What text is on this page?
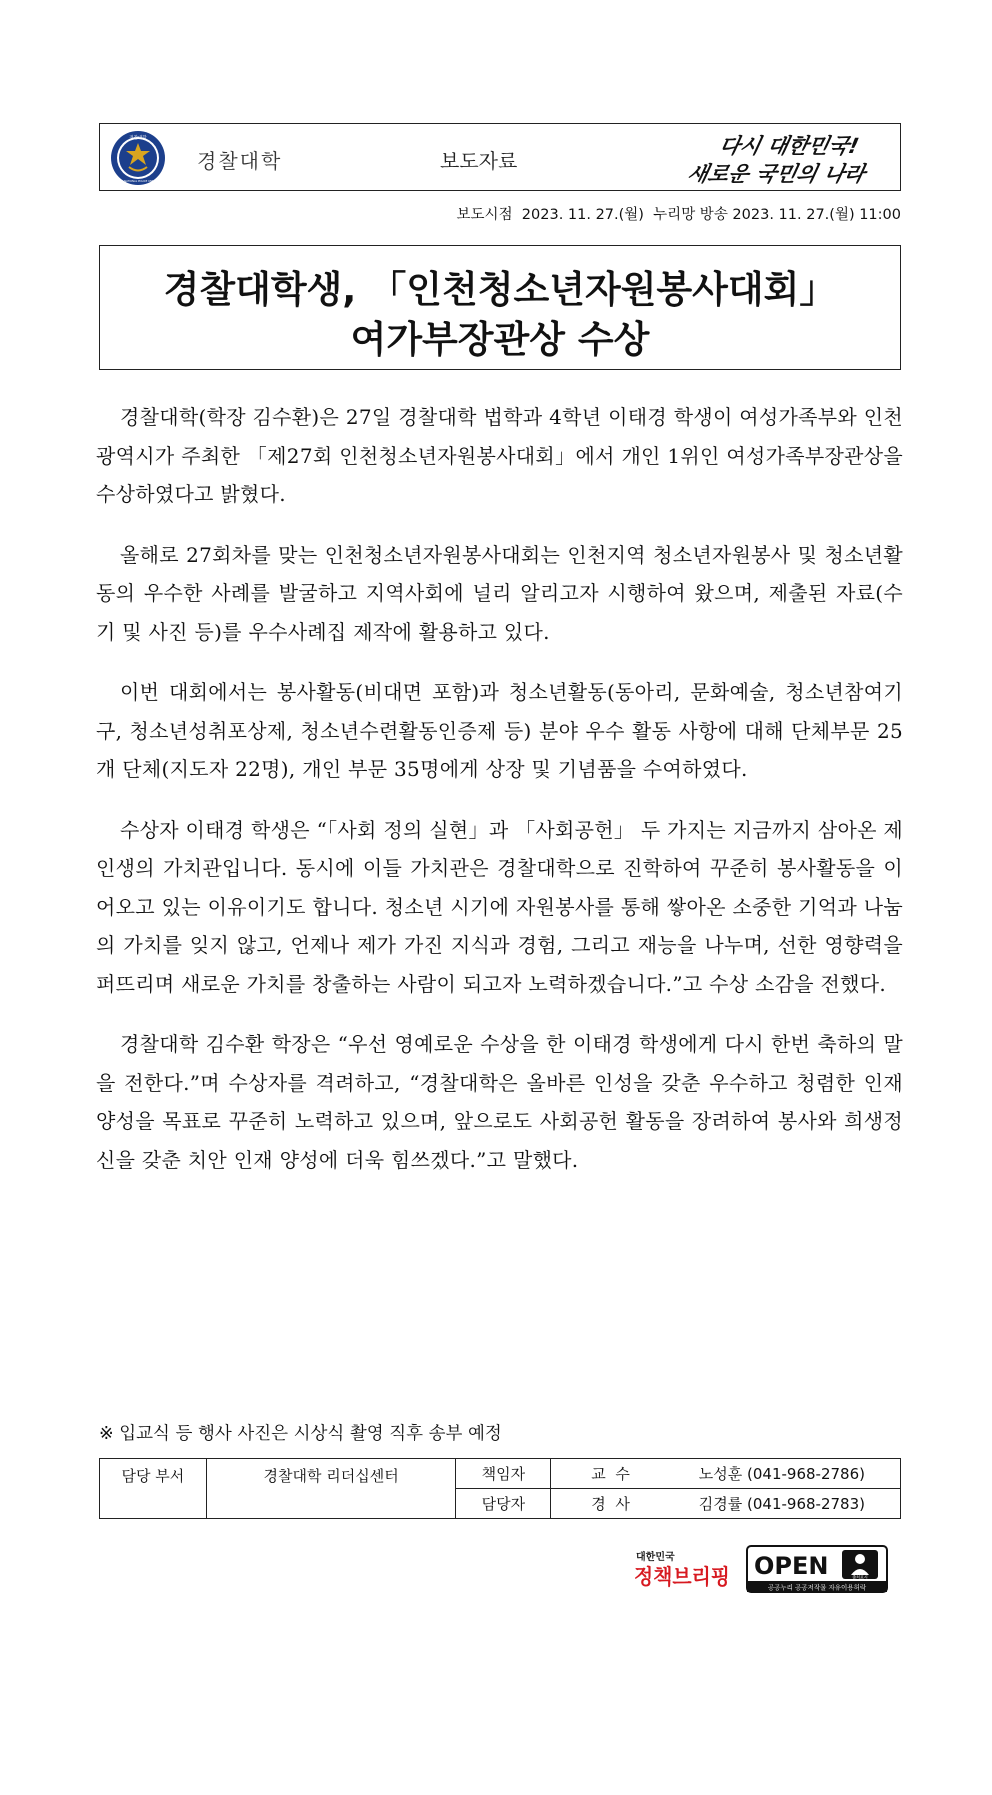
경찰대학
KOREAN NATIONAL POLICE UNIVERSITY
경찰대학	보도자료
다시 대한민국!
새로운 국민의 나라
보도시점  2023. 11. 27.(월)  누리망 방송 2023. 11. 27.(월) 11:00
경찰대학생, 「인천청소년자원봉사대회」
여가부장관상 수상

경찰대학(학장 김수환)은 27일 경찰대학 법학과 4학년 이태경 학생이 여성가족부와 인천광역시가 주최한 「제27회 인천청소년자원봉사대회」에서 개인 1위인 여성가족부장관상을 수상하였다고 밝혔다.

올해로 27회차를 맞는 인천청소년자원봉사대회는 인천지역 청소년자원봉사 및 청소년활동의 우수한 사례를 발굴하고 지역사회에 널리 알리고자 시행하여 왔으며, 제출된 자료(수기 및 사진 등)를 우수사례집 제작에 활용하고 있다.

이번 대회에서는 봉사활동(비대면 포함)과 청소년활동(동아리, 문화예술, 청소년참여기구, 청소년성취포상제, 청소년수련활동인증제 등) 분야 우수 활동 사항에 대해 단체부문 25개 단체(지도자 22명), 개인 부문 35명에게 상장 및 기념품을 수여하였다.

수상자 이태경 학생은 “「사회 정의 실현」과 「사회공헌」 두 가지는 지금까지 삼아온 제 인생의 가치관입니다. 동시에 이들 가치관은 경찰대학으로 진학하여 꾸준히 봉사활동을 이어오고 있는 이유이기도 합니다. 청소년 시기에 자원봉사를 통해 쌓아온 소중한 기억과 나눔의 가치를 잊지 않고, 언제나 제가 가진 지식과 경험, 그리고 재능을 나누며, 선한 영향력을 퍼뜨리며 새로운 가치를 창출하는 사람이 되고자 노력하겠습니다.”고 수상 소감을 전했다.

경찰대학 김수환 학장은 “우선 영예로운 수상을 한 이태경 학생에게 다시 한번 축하의 말을 전한다.”며 수상자를 격려하고, “경찰대학은 올바른 인성을 갖춘 우수하고 청렴한 인재 양성을 목표로 꾸준히 노력하고 있으며, 앞으로도 사회공헌 활동을 장려하여 봉사와 희생정신을 갖춘 치안 인재 양성에 더욱 힘쓰겠다.”고 말했다.

※ 입교식 등 행사 사진은 시상식 촬영 직후 송부 예정
담당 부서	경찰대학 리더십센터	책임자	교  수 노성훈 (041-968-2786)

		담당자	경  사 김경률 (041-968-2783)
대한민국
정책브리핑 OPEN	출처표시
공공누리 공공저작물 자유이용허락
